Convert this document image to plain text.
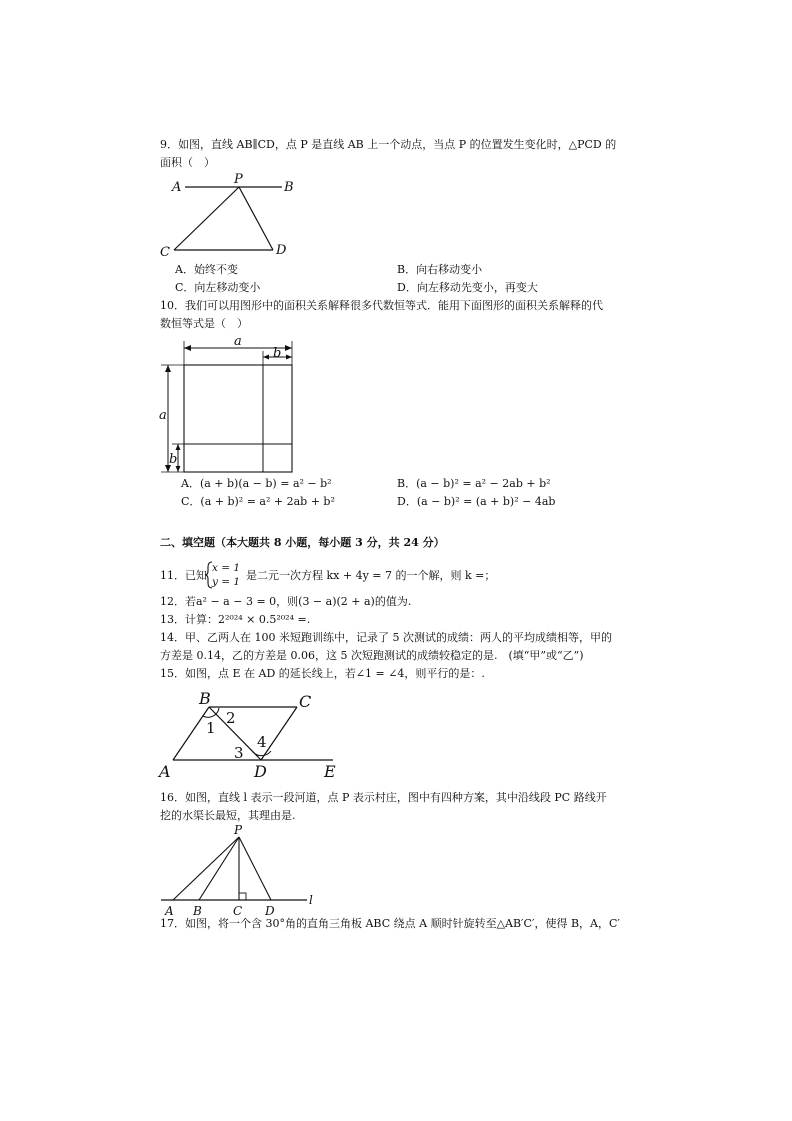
9．如图，直线 AB∥CD，点 P 是直线 AB 上一个动点，当点 P 的位置发生变化时，△PCD 的
面积（　）
A
P
B
C	D
A．始终不变	B．向右移动变小
C．向左移动变小	D．向左移动先变小，再变大
10．我们可以用图形中的面积关系解释很多代数恒等式．能用下面图形的面积关系解释的代
数恒等式是（　）
a
b
a
b
A．(a + b)(a − b) = a² − b²	B．(a − b)² = a² − 2ab + b²
C．(a + b)² = a² + 2ab + b²	D．(a − b)² = (a + b)² − 4ab
二、填空题（本大题共 8 小题，每小题 3 分，共 24 分）
11．已知
x = 1
y = 1 是二元一次方程 kx + 4y = 7 的一个解，则 k =；
12．若a² − a − 3 = 0，则(3 − a)(2 + a)的值为.
13．计算：2²⁰²⁴ × 0.5²⁰²⁴ =.
14．甲、乙两人在 100 米短跑训练中，记录了 5 次测试的成绩：两人的平均成绩相等，甲的
方差是 0.14，乙的方差是 0.06，这 5 次短跑测试的成绩较稳定的是.　(填“甲”或“乙”)
15．如图，点 E 在 AD 的延长线上，若∠1 = ∠4，则平行的是：.
B	C
A	D	E
1
2
3
4
16．如图，直线 l 表示一段河道，点 P 表示村庄，图中有四种方案，其中沿线段 PC 路线开
挖的水渠长最短，其理由是.
P
A B	C D
l
17．如图，将一个含 30°角的直角三角板 ABC 绕点 A 顺时针旋转至△AB′C′，使得 B，A，C′
